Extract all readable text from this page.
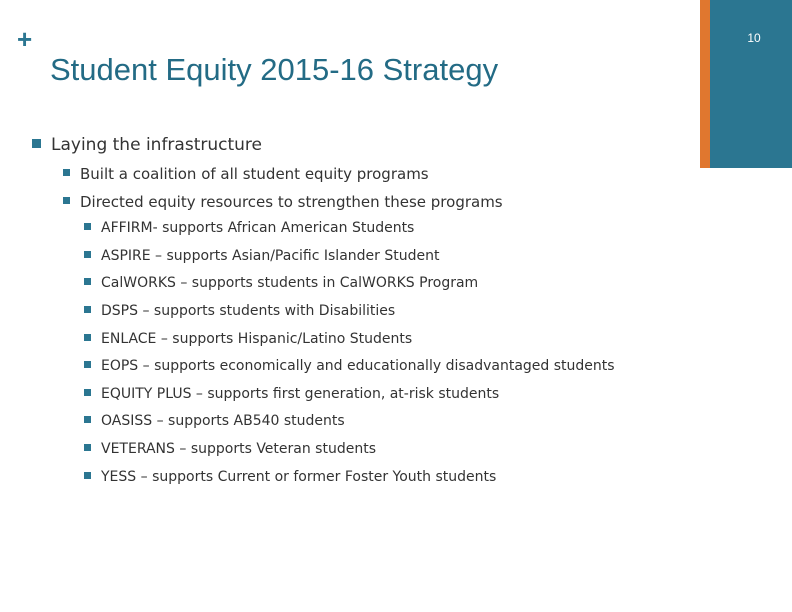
+	10
Student Equity 2015-16 Strategy
Laying the infrastructure
Built a coalition of all student equity programs
Directed equity resources to strengthen these programs
AFFIRM- supports African American Students
ASPIRE – supports Asian/Pacific Islander Student
CalWORKS – supports students in CalWORKS Program
DSPS – supports students with Disabilities
ENLACE – supports Hispanic/Latino Students
EOPS – supports economically and educationally disadvantaged students
EQUITY PLUS – supports first generation, at-risk students
OASISS – supports AB540 students
VETERANS – supports Veteran students
YESS – supports Current or former Foster Youth students
